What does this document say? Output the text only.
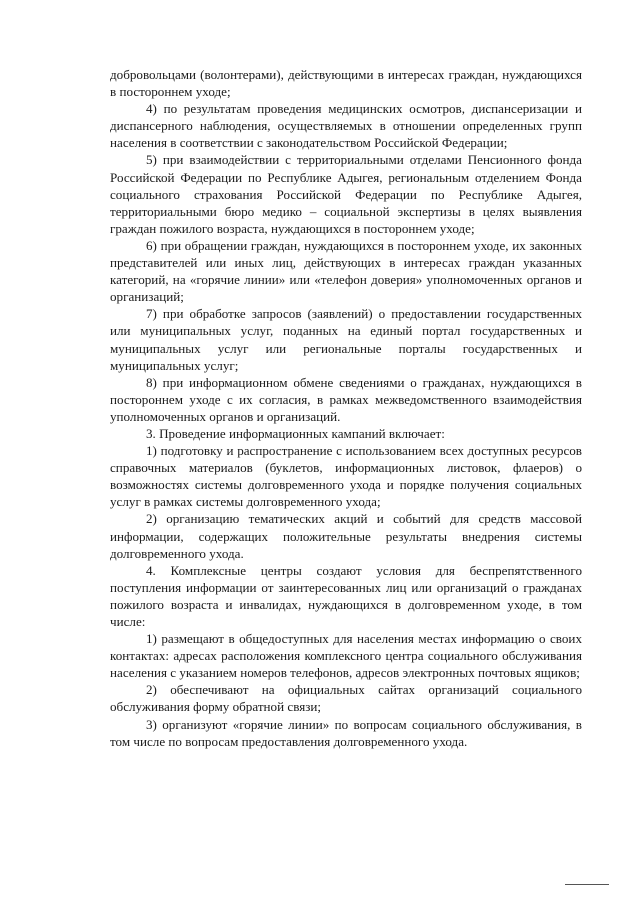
добровольцами (волонтерами), действующими в интересах граждан, нуждающихся в постороннем уходе;

4) по результатам проведения медицинских осмотров, диспансеризации и диспансерного наблюдения, осуществляемых в отношении определенных групп населения в соответствии с законодательством Российской Федерации;

5) при взаимодействии с территориальными отделами Пенсионного фонда Российской Федерации по Республике Адыгея, региональным отделением Фонда социального страхования Российской Федерации по Республике Адыгея, территориальными бюро медико – социальной экспертизы в целях выявления граждан пожилого возраста, нуждающихся в постороннем уходе;

6) при обращении граждан, нуждающихся в постороннем уходе, их законных представителей или иных лиц, действующих в интересах граждан указанных категорий, на «горячие линии» или «телефон доверия» уполномоченных органов и организаций;

7) при обработке запросов (заявлений) о предоставлении государственных или муниципальных услуг, поданных на единый портал государственных и муниципальных услуг или региональные порталы государственных и муниципальных услуг;

8) при информационном обмене сведениями о гражданах, нуждающихся в постороннем уходе с их согласия, в рамках межведомственного взаимодействия уполномоченных органов и организаций.

3. Проведение информационных кампаний включает:

1) подготовку и распространение с использованием всех доступных ресурсов справочных материалов (буклетов, информационных листовок, флаеров) о возможностях системы долговременного ухода и порядке получения социальных услуг в рамках системы долговременного ухода;

2) организацию тематических акций и событий для средств массовой информации, содержащих положительные результаты внедрения системы долговременного ухода.

4. Комплексные центры создают условия для беспрепятственного поступления информации от заинтересованных лиц или организаций о гражданах пожилого возраста и инвалидах, нуждающихся в долговременном уходе, в том числе:

1) размещают в общедоступных для населения местах информацию о своих контактах: адресах расположения комплексного центра социального обслуживания населения с указанием номеров телефонов, адресов электронных почтовых ящиков;

2) обеспечивают на официальных сайтах организаций социального обслуживания форму обратной связи;

3) организуют «горячие линии» по вопросам социального обслуживания, в том числе по вопросам предоставления долговременного ухода.
